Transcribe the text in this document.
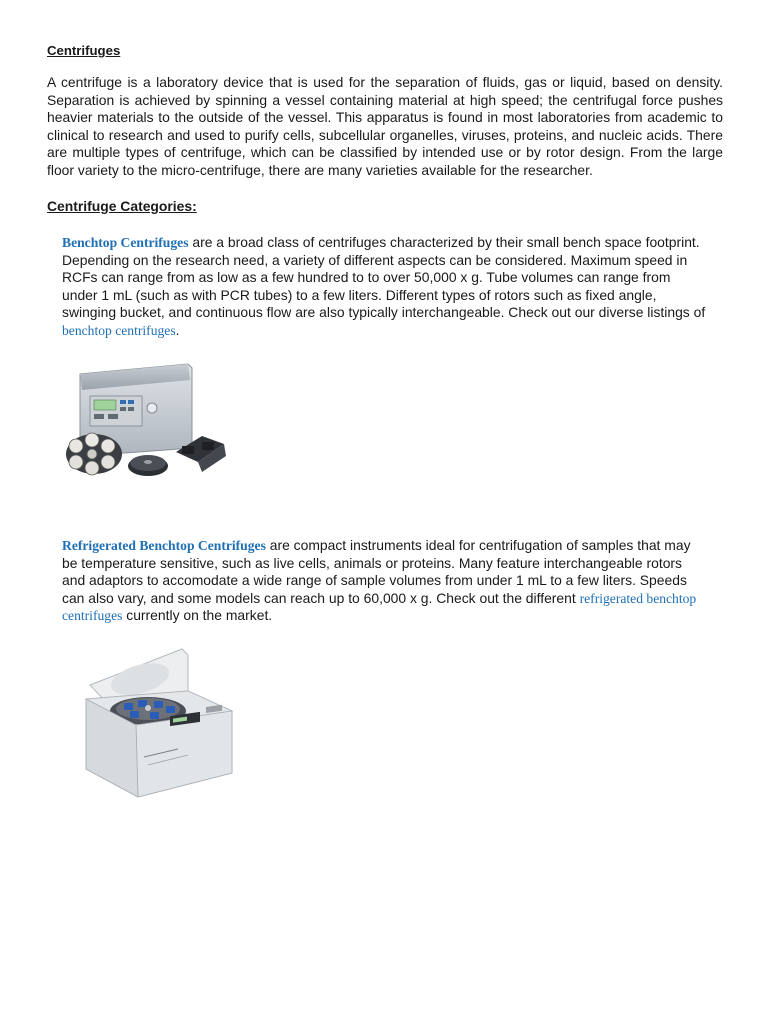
Centrifuges
A centrifuge is a laboratory device that is used for the separation of fluids, gas or liquid, based on density. Separation is achieved by spinning a vessel containing material at high speed; the centrifugal force pushes heavier materials to the outside of the vessel. This apparatus is found in most laboratories from academic to clinical to research and used to purify cells, subcellular organelles, viruses, proteins, and nucleic acids. There are multiple types of centrifuge, which can be classified by intended use or by rotor design. From the large floor variety to the micro-centrifuge, there are many varieties available for the researcher.
Centrifuge Categories:
Benchtop Centrifuges are a broad class of centrifuges characterized by their small bench space footprint. Depending on the research need, a variety of different aspects can be considered. Maximum speed in RCFs can range from as low as a few hundred to to over 50,000 x g. Tube volumes can range from under 1 mL (such as with PCR tubes) to a few liters. Different types of rotors such as fixed angle, swinging bucket, and continuous flow are also typically interchangeable. Check out our diverse listings of benchtop centrifuges.
Refrigerated Benchtop Centrifuges are compact instruments ideal for centrifugation of samples that may be temperature sensitive, such as live cells, animals or proteins. Many feature interchangeable rotors and adaptors to accomodate a wide range of sample volumes from under 1 mL to a few liters. Speeds can also vary, and some models can reach up to 60,000 x g. Check out the different refrigerated benchtop centrifuges currently on the market.
